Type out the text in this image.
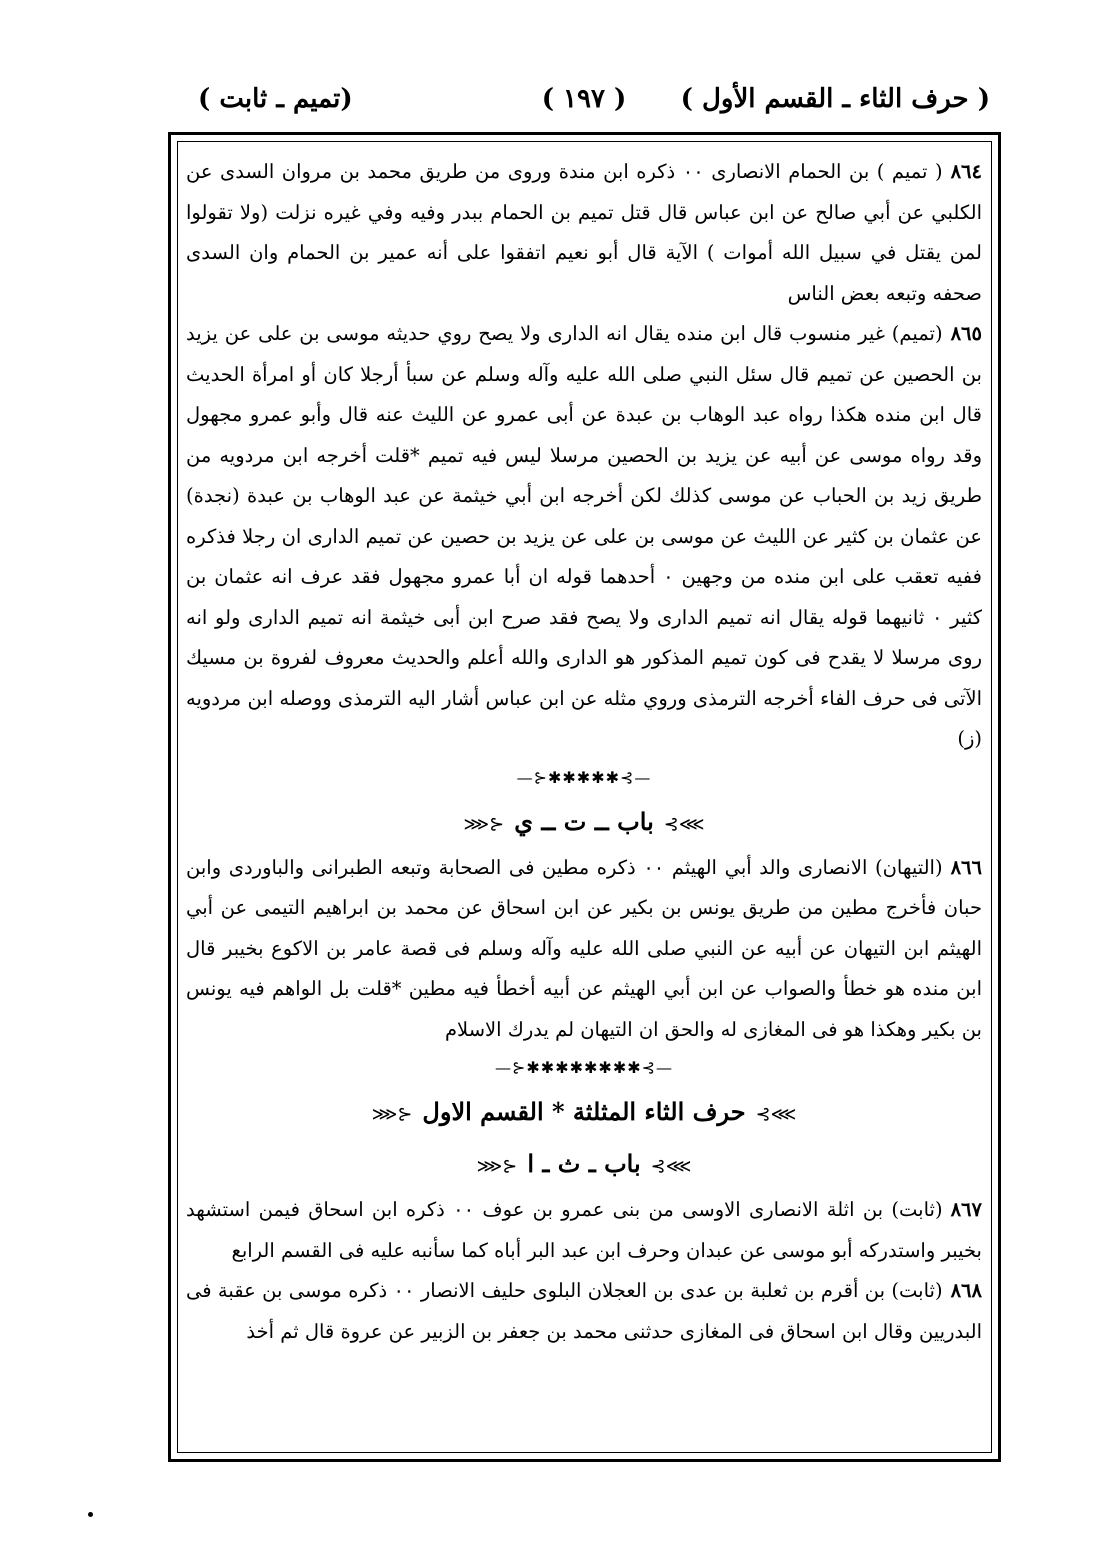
( حرف الثاء ـ القسم الأول )
( ١٩٧ )
( تميم ـ ثابت)

٨٦٤( تميم ) بن الحمام الانصارى ٠٠ ذكره ابن مندة وروى من طريق محمد بن مروان السدى عن الكلبي عن أبي صالح عن ابن عباس قال قتل تميم بن الحمام ببدر وفيه وفي غيره نزلت (ولا تقولوا لمن يقتل في سبيل الله أموات ) الآية قال أبو نعيم اتفقوا على أنه عمير بن الحمام وان السدى صحفه وتبعه بعض الناس

٨٦٥(تميم) غير منسوب قال ابن منده يقال انه الدارى ولا يصح روي حديثه موسى بن على عن يزيد بن الحصين عن تميم قال سئل النبي صلى الله عليه وآله وسلم عن سبأ أرجلا كان أو امرأة الحديث قال ابن منده هكذا رواه عبد الوهاب بن عبدة عن أبى عمرو عن الليث عنه قال وأبو عمرو مجهول وقد رواه موسى عن أبيه عن يزيد بن الحصين مرسلا ليس فيه تميم *قلت أخرجه ابن مردويه من طريق زيد بن الحباب عن موسى كذلك لكن أخرجه ابن أبي خيثمة عن عبد الوهاب بن عبدة (نجدة) عن عثمان بن كثير عن الليث عن موسى بن على عن يزيد بن حصين عن تميم الدارى ان رجلا فذكره ففيه تعقب على ابن منده من وجهين ٠ أحدهما قوله ان أبا عمرو مجهول فقد عرف انه عثمان بن كثير ٠ ثانيهما قوله يقال انه تميم الدارى ولا يصح فقد صرح ابن أبى خيثمة انه تميم الدارى ولو انه روى مرسلا لا يقدح فى كون تميم المذكور هو الدارى والله أعلم والحديث معروف لفروة بن مسيك الآتى فى حرف الفاء أخرجه الترمذى وروي مثله عن ابن عباس أشار اليه الترمذى ووصله ابن مردويه (ز)

—⊱✱✱✱✱✱⊰—
⋙⊱باب ــ ت ــ ي⊰⋘

٨٦٦(التيهان) الانصارى والد أبي الهيثم ٠٠ ذكره مطين فى الصحابة وتبعه الطبرانى والباوردى وابن حبان فأخرج مطين من طريق يونس بن بكير عن ابن اسحاق عن محمد بن ابراهيم التيمى عن أبي الهيثم ابن التيهان عن أبيه عن النبي صلى الله عليه وآله وسلم فى قصة عامر بن الاكوع بخيبر قال ابن منده هو خطأ والصواب عن ابن أبي الهيثم عن أبيه أخطأ فيه مطين *قلت بل الواهم فيه يونس بن بكير وهكذا هو فى المغازى له والحق ان التيهان لم يدرك الاسلام

—⊱✱✱✱✱✱✱✱✱⊰—
⋙⊱حرف الثاء المثلثة * القسم الاول⊰⋘
⋙⊱باب ـ ث ـ ا⊰⋘

٨٦٧(ثابت) بن اثلة الانصارى الاوسى من بنى عمرو بن عوف ٠٠ ذكره ابن اسحاق فيمن استشهد بخيبر واستدركه أبو موسى عن عبدان وحرف ابن عبد البر أباه كما سأنبه عليه فى القسم الرابع

٨٦٨(ثابت) بن أقرم بن ثعلبة بن عدى بن العجلان البلوى حليف الانصار ٠٠ ذكره موسى بن عقبة فى البدريين وقال ابن اسحاق فى المغازى حدثنى محمد بن جعفر بن الزبير عن عروة قال ثم أخذ
